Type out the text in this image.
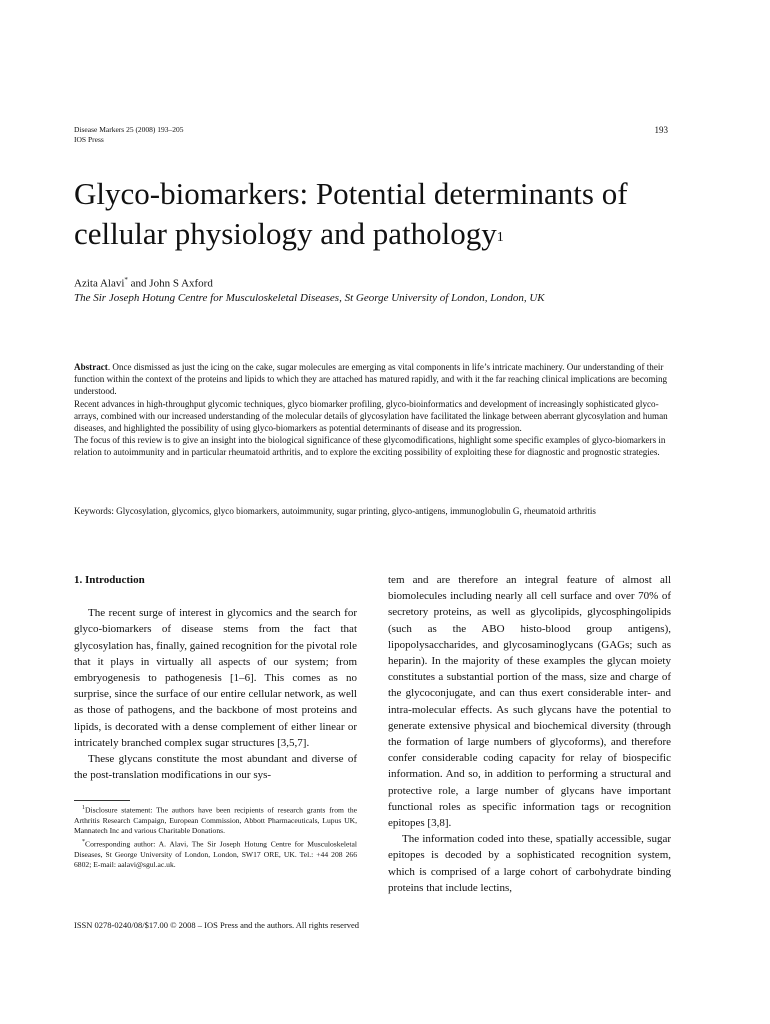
Disease Markers 25 (2008) 193–205
IOS Press
193
Glyco-biomarkers: Potential determinants of
cellular physiology and pathology$^1$
Azita Alavi* and John S Axford
The Sir Joseph Hotung Centre for Musculoskeletal Diseases, St George University of London, London, UK

Abstract. Once dismissed as just the icing on the cake, sugar molecules are emerging as vital components in life’s intricate machinery. Our understanding of their function within the context of the proteins and lipids to which they are attached has matured rapidly, and with it the far reaching clinical implications are becoming understood.

Recent advances in high-throughput glycomic techniques, glyco biomarker profiling, glyco-bioinformatics and development of increasingly sophisticated glyco-arrays, combined with our increased understanding of the molecular details of glycosylation have facilitated the linkage between aberrant glycosylation and human diseases, and highlighted the possibility of using glyco-biomarkers as potential determinants of disease and its progression.

The focus of this review is to give an insight into the biological significance of these glycomodifications, highlight some specific examples of glyco-biomarkers in relation to autoimmunity and in particular rheumatoid arthritis, and to explore the exciting possibility of exploiting these for diagnostic and prognostic strategies.

Keywords: Glycosylation, glycomics, glyco biomarkers, autoimmunity, sugar printing, glyco-antigens, immunoglobulin G, rheumatoid arthritis
1. Introduction

The recent surge of interest in glycomics and the search for glyco-biomarkers of disease stems from the fact that glycosylation has, finally, gained recognition for the pivotal role that it plays in virtually all aspects of our system; from embryogenesis to pathogenesis [1–6]. This comes as no surprise, since the surface of our entire cellular network, as well as those of pathogens, and the backbone of most proteins and lipids, is decorated with a dense complement of either linear or intricately branched complex sugar structures [3,5,7].

These glycans constitute the most abundant and diverse of the post-translation modifications in our sys-

$^1$Disclosure statement: The authors have been recipients of research grants from the Arthritis Research Campaign, European Commission, Abbott Pharmaceuticals, Lupus UK, Mannatech Inc and various Charitable Donations.

*Corresponding author: A. Alavi, The Sir Joseph Hotung Centre for Musculoskeletal Diseases, St George University of London, London, SW17 ORE, UK. Tel.: +44 208 266 6802; E-mail: aalavi@sgul.ac.uk.

tem and are therefore an integral feature of almost all biomolecules including nearly all cell surface and over 70% of secretory proteins, as well as glycolipids, glycosphingolipids (such as the ABO histo-blood group antigens), lipopolysaccharides, and glycosaminoglycans (GAGs; such as heparin). In the majority of these examples the glycan moiety constitutes a substantial portion of the mass, size and charge of the glycoconjugate, and can thus exert considerable inter- and intra-molecular effects. As such glycans have the potential to generate extensive physical and biochemical diversity (through the formation of large numbers of glycoforms), and therefore confer considerable coding capacity for relay of biospecific information. And so, in addition to performing a structural and protective role, a large number of glycans have important functional roles as specific information tags or recognition epitopes [3,8].

The information coded into these, spatially accessible, sugar epitopes is decoded by a sophisticated recognition system, which is comprised of a large cohort of carbohydrate binding proteins that include lectins,

ISSN 0278-0240/08/$17.00 © 2008 – IOS Press and the authors. All rights reserved
